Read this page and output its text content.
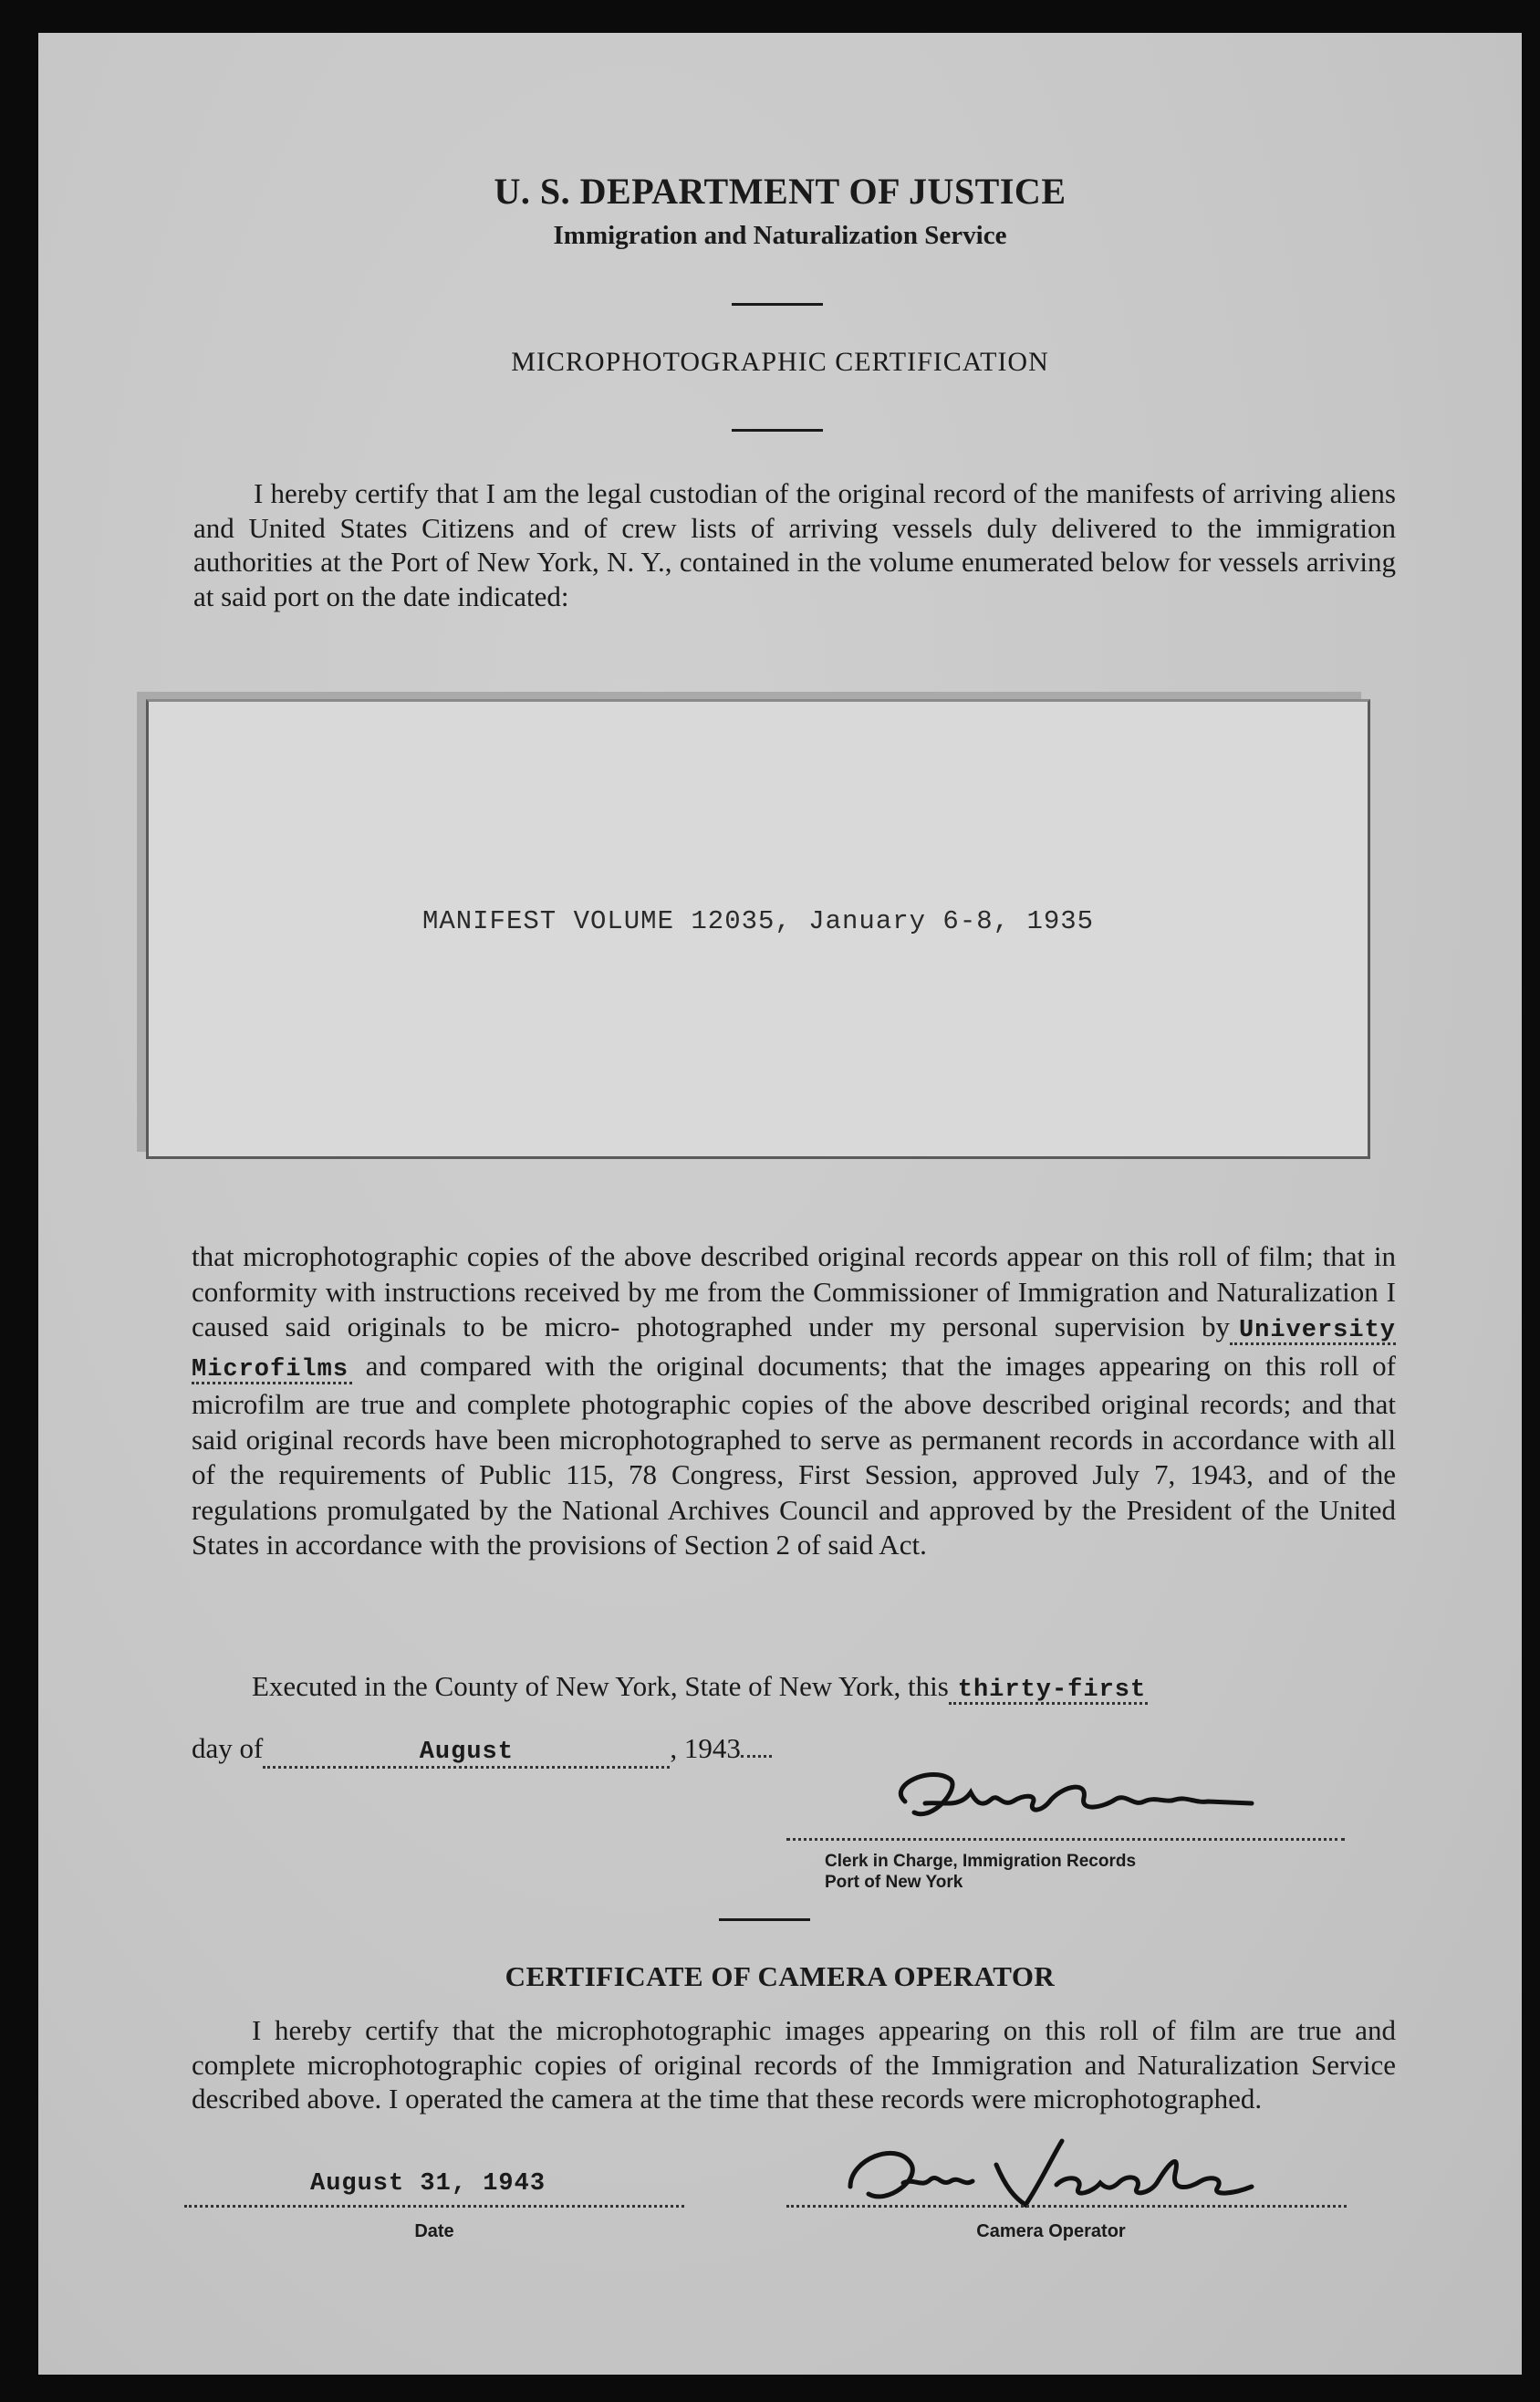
U. S. DEPARTMENT OF JUSTICE
Immigration and Naturalization Service
MICROPHOTOGRAPHIC CERTIFICATION

I hereby certify that I am the legal custodian of the original record of the manifests of arriving aliens and United States Citizens and of crew lists of arriving vessels duly delivered to the immigration authorities at the Port of New York, N. Y., contained in the volume enumerated below for vessels arriving at said port on the date indicated:

MANIFEST VOLUME 12035, January 6-8, 1935

that microphotographic copies of the above described original records appear on this roll of film; that in conformity with instructions received by me from the Commissioner of Immigration and Naturalization I caused said originals to be micro- photographed under my personal supervision by University Microfilms and compared with the original documents; that the images appearing on this roll of microfilm are true and complete photographic copies of the above described original records; and that said original records have been microphotographed to serve as permanent records in accordance with all of the requirements of Public 115, 78 Congress, First Session, approved July 7, 1943, and of the regulations promulgated by the National Archives Council and approved by the President of the United States in accordance with the provisions of Section 2 of said Act.

Executed in the County of New York, State of New York, this thirty-first
day of	August	, 1943
Clerk in Charge, Immigration Records
Port of New York
CERTIFICATE OF CAMERA OPERATOR

I hereby certify that the microphotographic images appearing on this roll of film are true and complete microphotographic copies of original records of the Immigration and Naturalization Service described above. I operated the camera at the time that these records were microphotographed.

August 31, 1943
Date	Camera Operator
